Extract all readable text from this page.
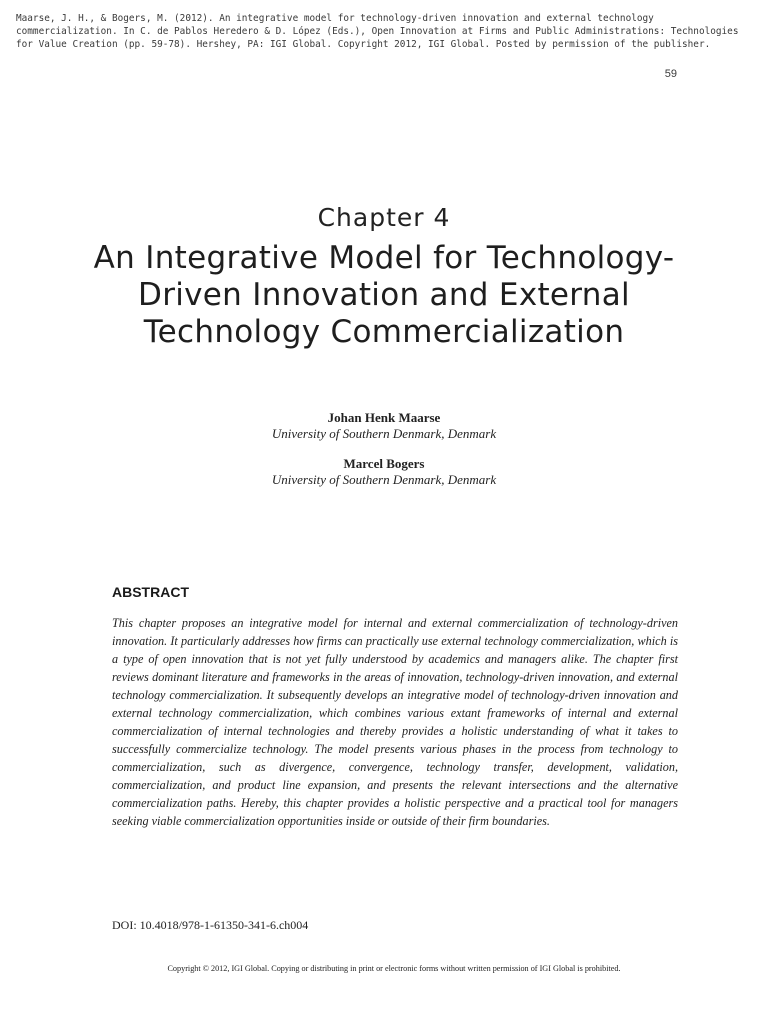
Maarse, J. H., & Bogers, M. (2012). An integrative model for technology-driven innovation and external technology commercialization. In C. de Pablos Heredero & D. López (Eds.), Open Innovation at Firms and Public Administrations: Technologies for Value Creation (pp. 59-78). Hershey, PA: IGI Global. Copyright 2012, IGI Global. Posted by permission of the publisher.
59
Chapter 4
An Integrative Model for Technology-Driven Innovation and External Technology Commercialization
Johan Henk Maarse
University of Southern Denmark, Denmark
Marcel Bogers
University of Southern Denmark, Denmark
ABSTRACT
This chapter proposes an integrative model for internal and external commercialization of technology-driven innovation. It particularly addresses how firms can practically use external technology commercialization, which is a type of open innovation that is not yet fully understood by academics and managers alike. The chapter first reviews dominant literature and frameworks in the areas of innovation, technology-driven innovation, and external technology commercialization. It subsequently develops an integrative model of technology-driven innovation and external technology commercialization, which combines various extant frameworks of internal and external commercialization of internal technologies and thereby provides a holistic understanding of what it takes to successfully commercialize technology. The model presents various phases in the process from technology to commercialization, such as divergence, convergence, technology transfer, development, validation, commercialization, and product line expansion, and presents the relevant intersections and the alternative commercialization paths. Hereby, this chapter provides a holistic perspective and a practical tool for managers seeking viable commercialization opportunities inside or outside of their firm boundaries.
DOI: 10.4018/978-1-61350-341-6.ch004
Copyright © 2012, IGI Global. Copying or distributing in print or electronic forms without written permission of IGI Global is prohibited.
